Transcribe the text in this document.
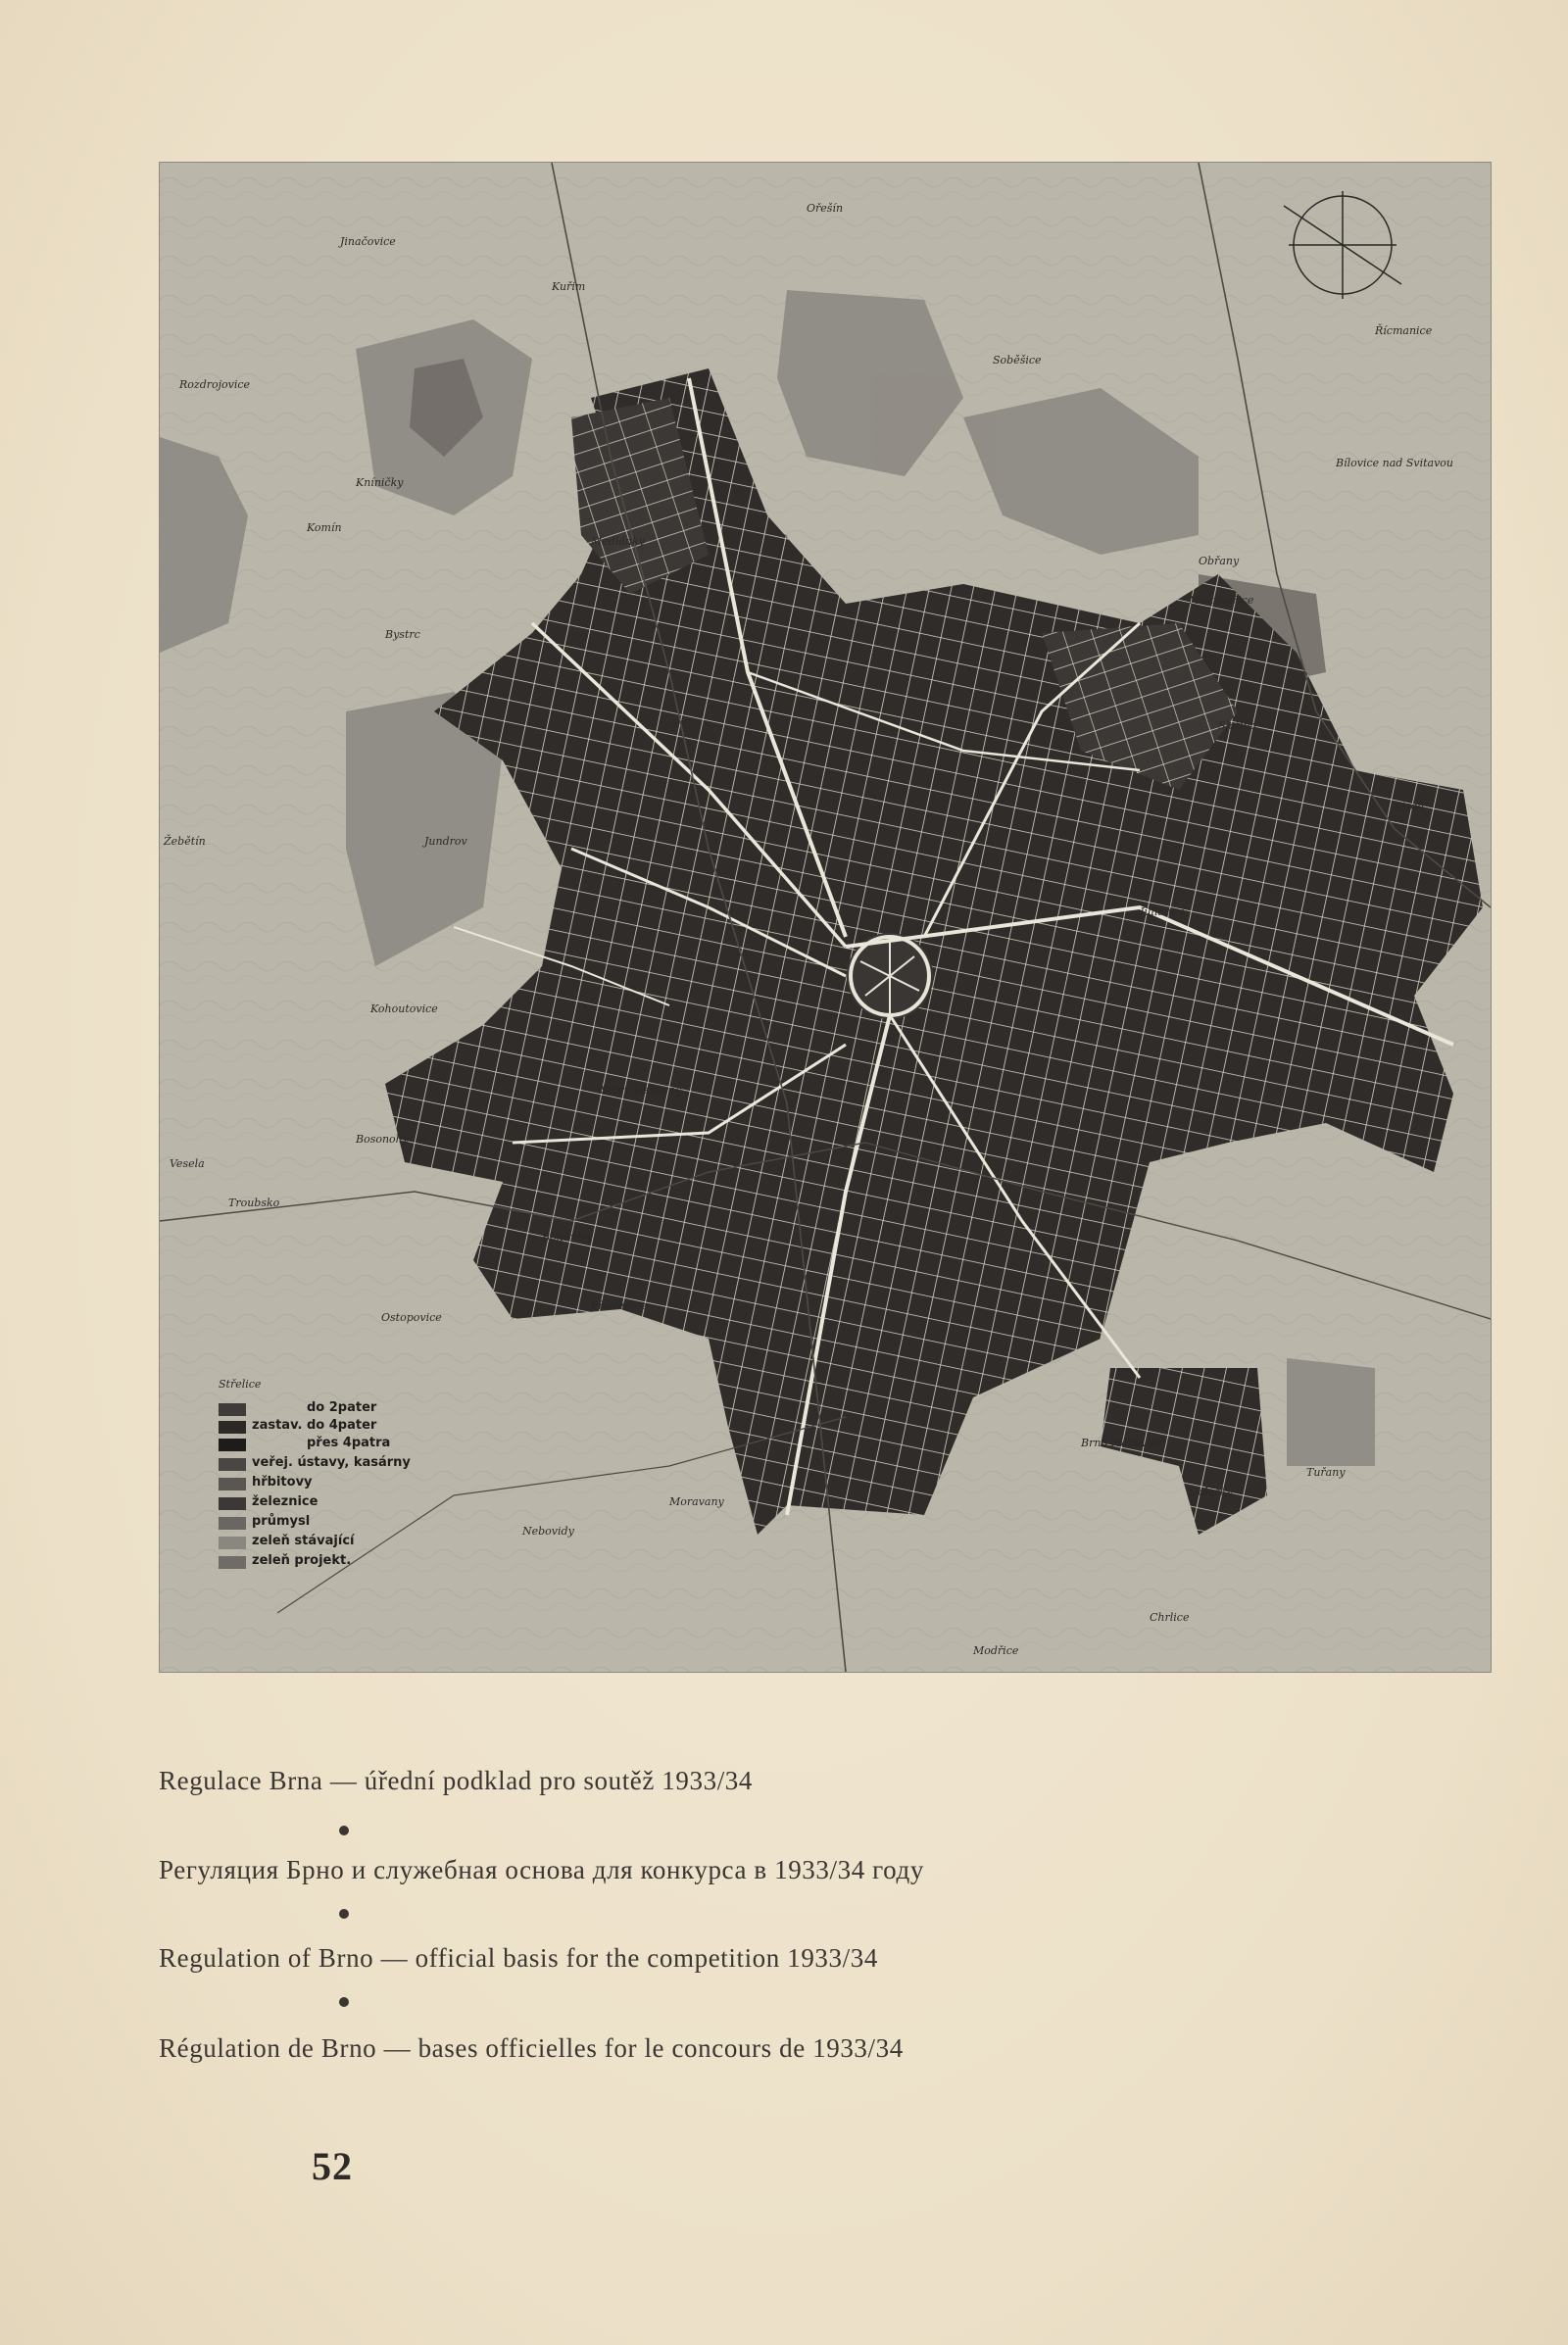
Jinačovice
Kuřim
Soběšice
Řícmanice
Bystrc
Komín
Žebětín	Jundrov
Kohoutovice
Bosonohy
Troubsko
Starý Lískovec
Bohunice
Ostopovice
Střelice
Nebovidy
Moravany
Brno Ivanovice
Chrlice
Modřice
Líšeň
Juliánov
Slatina
Holásky
Tuřany
Bílovice nad Svitavou
Maloměřice
Obřany
Ořešín
Rozdrojovice
Medlánky
Kníničky
Přízřenice
Vesela
do 2pater
zastav. do 4pater
přes 4patra
veřej. ústavy, kasárny
hřbitovy
železnice
průmysl
zeleň stávající
zeleň projekt.
Regulace Brna — úřední podklad pro soutěž 1933/34
Регуляция Брно и служебная основа для конкурса в 1933/34 году
Regulation of Brno — official basis for the competition 1933/34
Régulation de Brno — bases officielles for le concours de 1933/34
52
